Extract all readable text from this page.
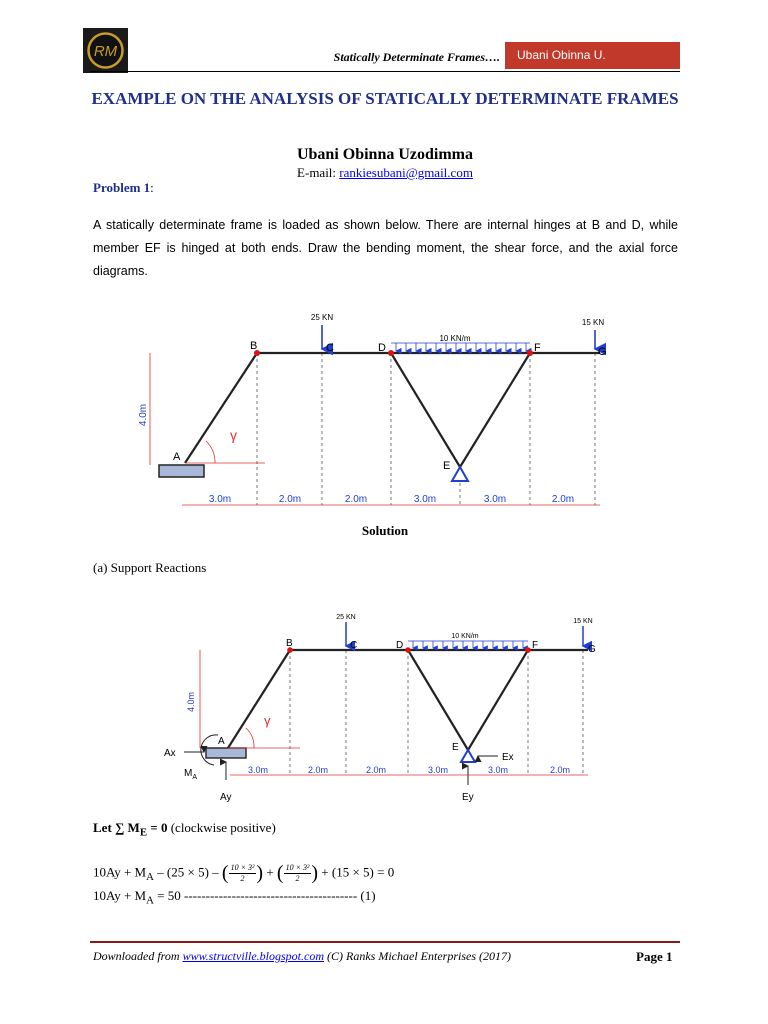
RM	Statically Determinate Frames….	Ubani Obinna U.
EXAMPLE ON THE ANALYSIS OF STATICALLY DETERMINATE FRAMES
Ubani Obinna Uzodimma
E-mail: rankiesubani@gmail.com
Problem 1:
A statically determinate frame is loaded as shown below. There are internal hinges at B and D, while member EF is hinged at both ends. Draw the bending moment, the shear force, and the axial force diagrams.
10 KN/m
25 KN
15 KN
γ
B	C	D
E
F	G
A
4.0m
3.0m	2.0m	2.0m	3.0m	3.0m	2.0m
Solution
(a) Support Reactions
10 KN/m
25 KN
15 KN
γ
B	C	D
E
F	G
A
Ax
$M_A$
Ay
Ex
Ey
4.0m
3.0m	2.0m	2.0m	3.0m	3.0m	2.0m
Let ∑ $M_E = 0$ (clockwise positive)
$10Ay + M_A - (25 \times 5)$ – ( $\frac{\text{10 × 3²}}{2}$ ) + ( $\frac{\text{10 × 3²}}{2}$ ) + (15 × 5) = 0
$10Ay + M_A = 50$ ---------------------------------------- (1)
Downloaded from www.structville.blogspot.com (C) Ranks Michael Enterprises (2017)	Page 1
